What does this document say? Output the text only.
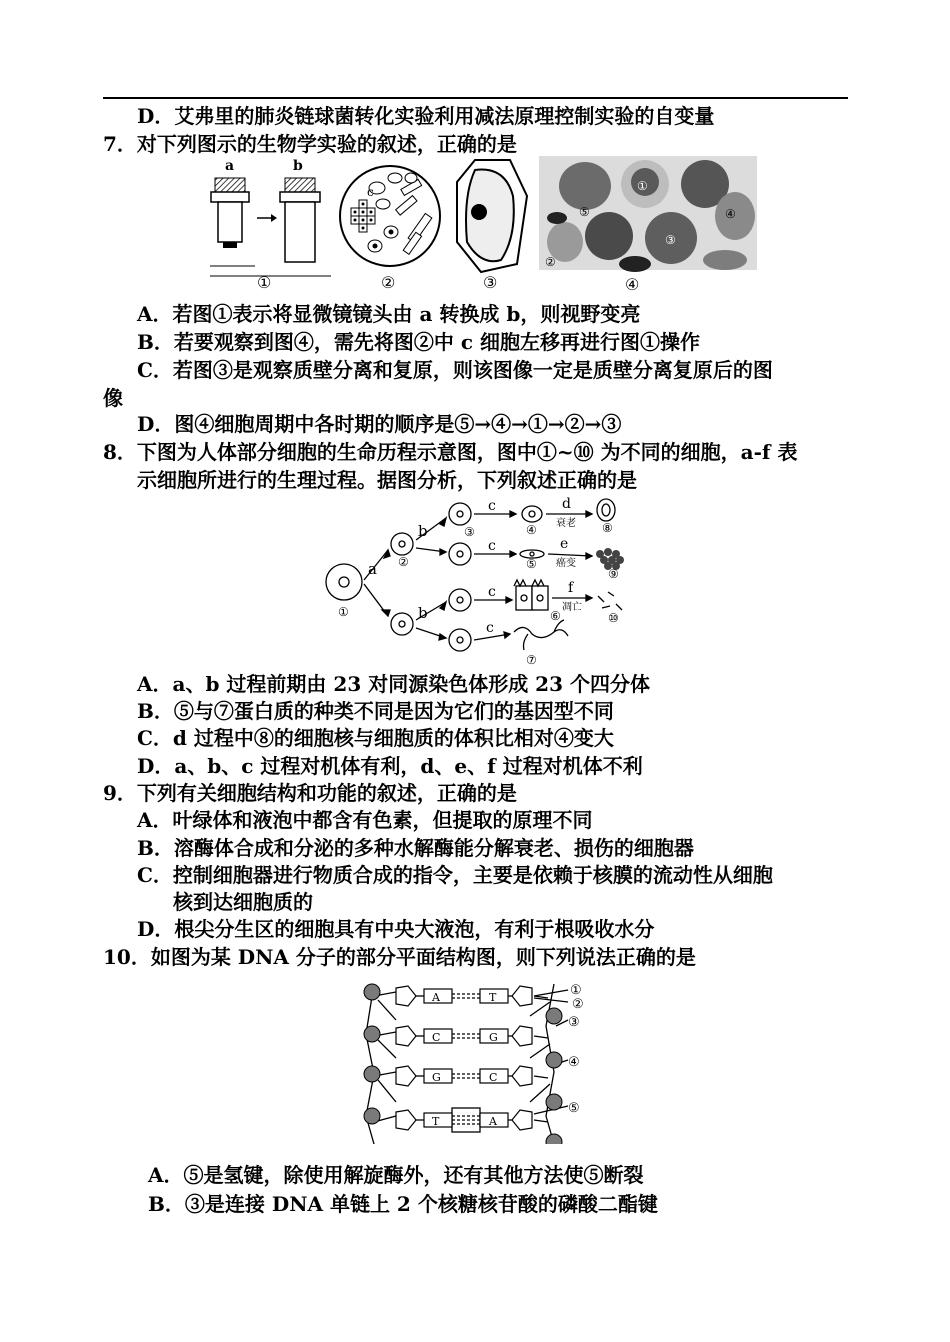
D．艾弗里的肺炎链球菌转化实验利用减法原理控制实验的自变量
7．对下列图示的生物学实验的叙述，正确的是
a	b
①
c
②	③
①
②
③
④
⑤
④
A．若图①表示将显微镜镜头由 a 转换成 b，则视野变亮
B．若要观察到图④，需先将图②中 c 细胞左移再进行图①操作
C．若图③是观察质壁分离和复原，则该图像一定是质壁分离复原后的图
像
D．图④细胞周期中各时期的顺序是⑤→④→①→②→③
8．下图为人体部分细胞的生命历程示意图，图中①~⑩ 为不同的细胞，a-f 表
示细胞所进行的生理过程。据图分析，下列叙述正确的是
a
b
b
c
c
c
c
d
e
f
衰老
癌变
凋亡
①
②
③	④
⑤
⑥
⑦
⑧
⑨
⑩
A．a、b 过程前期由 23 对同源染色体形成 23 个四分体
B．⑤与⑦蛋白质的种类不同是因为它们的基因型不同
C．d 过程中⑧的细胞核与细胞质的体积比相对④变大
D．a、b、c 过程对机体有利，d、e、f 过程对机体不利
9．下列有关细胞结构和功能的叙述，正确的是
A．叶绿体和液泡中都含有色素，但提取的原理不同
B．溶酶体合成和分泌的多种水解酶能分解衰老、损伤的细胞器
C．控制细胞器进行物质合成的指令，主要是依赖于核膜的流动性从细胞
核到达细胞质的
D．根尖分生区的细胞具有中央大液泡，有利于根吸收水分
10．如图为某 DNA 分子的部分平面结构图，则下列说法正确的是
A	T
C	G
G	C
T	A
①
②
③
④
⑤
A．⑤是氢键，除使用解旋酶外，还有其他方法使⑤断裂
B．③是连接 DNA 单链上 2 个核糖核苷酸的磷酸二酯键
